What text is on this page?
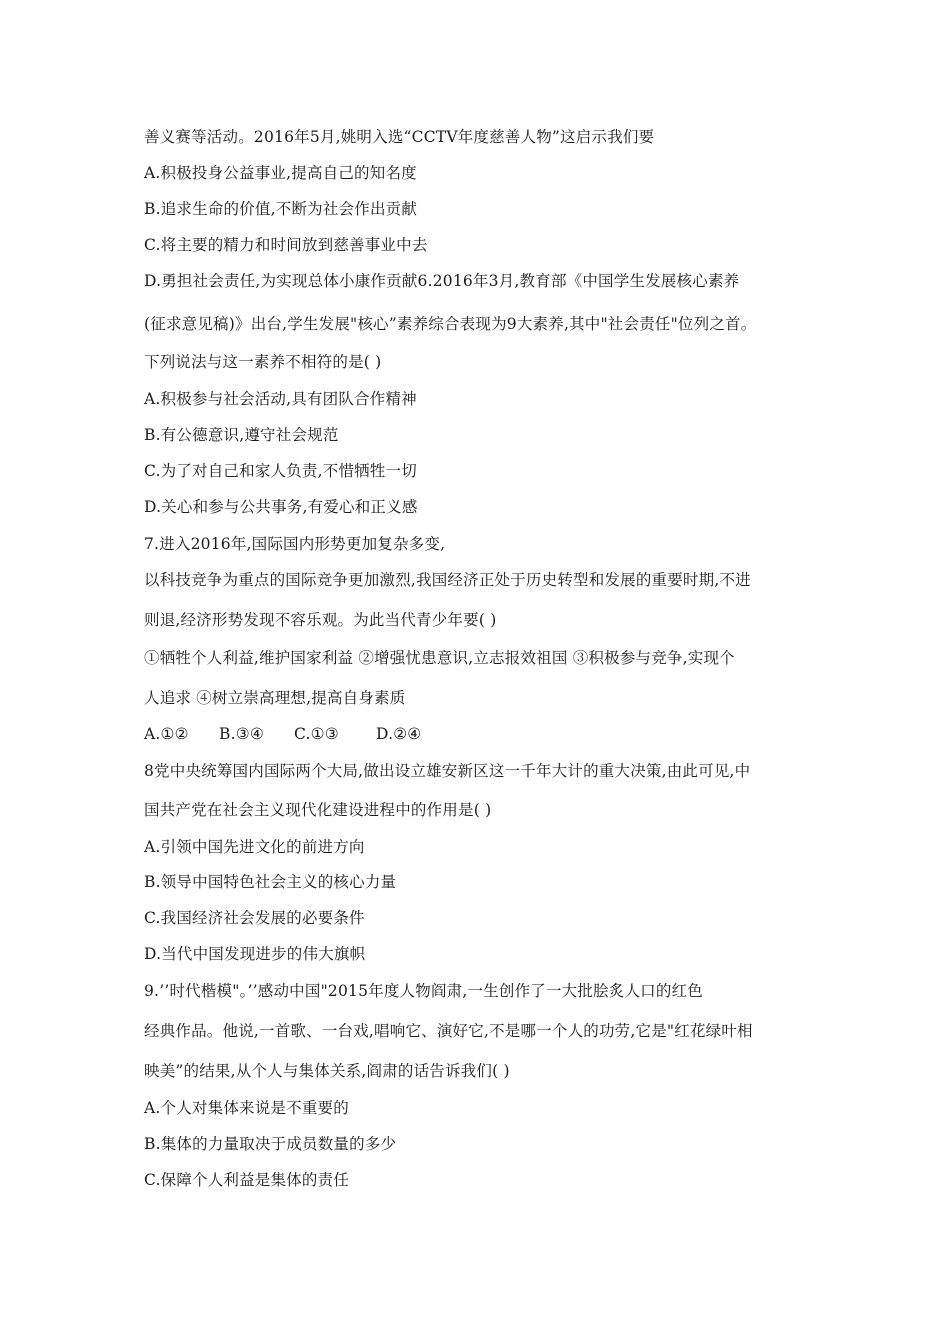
善义赛等活动。2016年5月,姚明入选“CCTV年度慈善人物”这启示我们要
A.积极投身公益事业,提高自己的知名度
B.追求生命的价值,不断为社会作出贡献
C.将主要的精力和时间放到慈善事业中去
D.勇担社会责任,为实现总体小康作贡献6.2016年3月,教育部《中国学生发展核心素养
(征求意见稿)》出台,学生发展"核心”素养综合表现为9大素养,其中"社会责任"位列之首。
下列说法与这一素养不相符的是( )
A.积极参与社会活动,具有团队合作精神
B.有公德意识,遵守社会规范
C.为了对自己和家人负责,不惜牺牲一切
D.关心和参与公共事务,有爱心和正义感
7.进入2016年,国际国内形势更加复杂多变,
以科技竞争为重点的国际竞争更加激烈,我国经济正处于历史转型和发展的重要时期,不进
则退,经济形势发现不容乐观。为此当代青少年要( )
①牺牲个人利益,维护国家利益 ②增强忧患意识,立志报效祖国 ③积极参与竞争,实现个
人追求 ④树立崇高理想,提高自身素质
A.①② B.③④ C.①③ D.②④
8党中央统筹国内国际两个大局,做出设立雄安新区这一千年大计的重大决策,由此可见,中
国共产党在社会主义现代化建设进程中的作用是( )
A.引领中国先进文化的前进方向
B.领导中国特色社会主义的核心力量
C.我国经济社会发展的必要条件
D.当代中国发现进步的伟大旗帜
9.’’时代楷模"。’’感动中国"2015年度人物阎肃,一生创作了一大批脍炙人口的红色
经典作品。他说,一首歌、一台戏,唱响它、演好它,不是哪一个人的功劳,它是"红花绿叶相
映美”的结果,从个人与集体关系,阎肃的话告诉我们( )
A.个人对集体来说是不重要的
B.集体的力量取决于成员数量的多少
C.保障个人利益是集体的责任
